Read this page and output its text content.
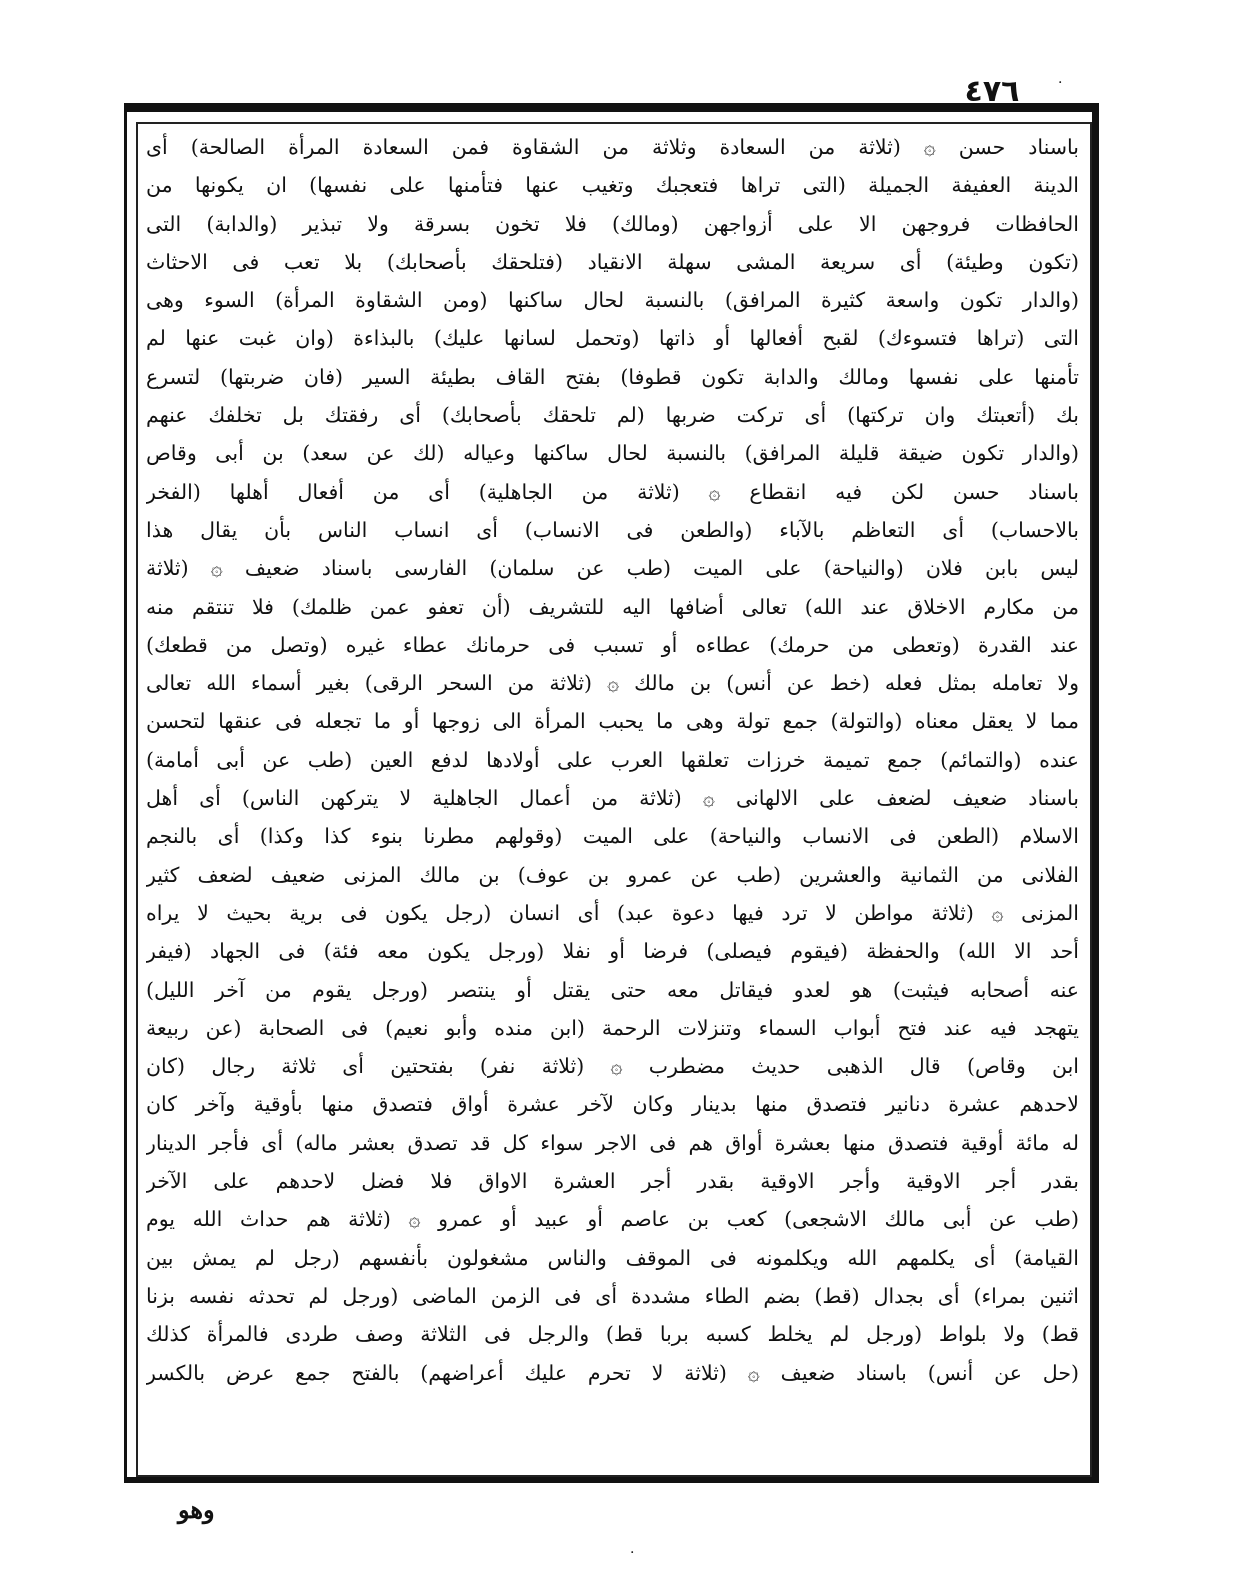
٤٧٦	·
باسناد حسن ۞ (ثلاثة من السعادة وثلاثة من الشقاوة فمن السعادة المرأة الصالحة) أى
الدينة العفيفة الجميلة (التى تراها فتعجبك وتغيب عنها فتأمنها على نفسها) ان يكونها من
الحافظات فروجهن الا على أزواجهن (ومالك) فلا تخون بسرقة ولا تبذير (والدابة) التى
(تكون وطيئة) أى سريعة المشى سهلة الانقياد (فتلحقك بأصحابك) بلا تعب فى الاحثاث
(والدار تكون واسعة كثيرة المرافق) بالنسبة لحال ساكنها (ومن الشقاوة المرأة) السوء وهى
التى (تراها فتسوءك) لقبح أفعالها أو ذاتها (وتحمل لسانها عليك) بالبذاءة (وان غبت عنها لم
تأمنها على نفسها ومالك والدابة تكون قطوفا) بفتح القاف بطيئة السير (فان ضربتها) لتسرع
بك (أتعبتك وان تركتها) أى تركت ضربها (لم تلحقك بأصحابك) أى رفقتك بل تخلفك عنهم
(والدار تكون ضيقة قليلة المرافق) بالنسبة لحال ساكنها وعياله (لك عن سعد) بن أبى وقاص
باسناد حسن لكن فيه انقطاع ۞ (ثلاثة من الجاهلية) أى من أفعال أهلها (الفخر
بالاحساب) أى التعاظم بالآباء (والطعن فى الانساب) أى انساب الناس بأن يقال هذا
ليس بابن فلان (والنياحة) على الميت (طب عن سلمان) الفارسى باسناد ضعيف ۞ (ثلاثة
من مكارم الاخلاق عند الله) تعالى أضافها اليه للتشريف (أن تعفو عمن ظلمك) فلا تنتقم منه
عند القدرة (وتعطى من حرمك) عطاءه أو تسبب فى حرمانك عطاء غيره (وتصل من قطعك)
ولا تعامله بمثل فعله (خط عن أنس) بن مالك ۞ (ثلاثة من السحر الرقى) بغير أسماء الله تعالى
مما لا يعقل معناه (والتولة) جمع تولة وهى ما يحبب المرأة الى زوجها أو ما تجعله فى عنقها لتحسن
عنده (والتمائم) جمع تميمة خرزات تعلقها العرب على أولادها لدفع العين (طب عن أبى أمامة)
باسناد ضعيف لضعف على الالهانى ۞ (ثلاثة من أعمال الجاهلية لا يتركهن الناس) أى أهل
الاسلام (الطعن فى الانساب والنياحة) على الميت (وقولهم مطرنا بنوء كذا وكذا) أى بالنجم
الفلانى من الثمانية والعشرين (طب عن عمرو بن عوف) بن مالك المزنى ضعيف لضعف كثير
المزنى ۞ (ثلاثة مواطن لا ترد فيها دعوة عبد) أى انسان (رجل يكون فى برية بحيث لا يراه
أحد الا الله) والحفظة (فيقوم فيصلى) فرضا أو نفلا (ورجل يكون معه فئة) فى الجهاد (فيفر
عنه أصحابه فيثبت) هو لعدو فيقاتل معه حتى يقتل أو ينتصر (ورجل يقوم من آخر الليل)
يتهجد فيه عند فتح أبواب السماء وتنزلات الرحمة (ابن منده وأبو نعيم) فى الصحابة (عن ربيعة
ابن وقاص) قال الذهبى حديث مضطرب ۞ (ثلاثة نفر) بفتحتين أى ثلاثة رجال (كان
لاحدهم عشرة دنانير فتصدق منها بدينار وكان لآخر عشرة أواق فتصدق منها بأوقية وآخر كان
له مائة أوقية فتصدق منها بعشرة أواق هم فى الاجر سواء كل قد تصدق بعشر ماله) أى فأجر الدينار
بقدر أجر الاوقية وأجر الاوقية بقدر أجر العشرة الاواق فلا فضل لاحدهم على الآخر
(طب عن أبى مالك الاشجعى) كعب بن عاصم أو عبيد أو عمرو ۞ (ثلاثة هم حداث الله يوم
القيامة) أى يكلمهم الله ويكلمونه فى الموقف والناس مشغولون بأنفسهم (رجل لم يمش بين
اثنين بمراء) أى بجدال (قط) بضم الطاء مشددة أى فى الزمن الماضى (ورجل لم تحدثه نفسه بزنا
قط) ولا بلواط (ورجل لم يخلط كسبه بربا قط) والرجل فى الثلاثة وصف طردى فالمرأة كذلك
(حل عن أنس) باسناد ضعيف ۞ (ثلاثة لا تحرم عليك أعراضهم) بالفتح جمع عرض بالكسر
وهو
·
